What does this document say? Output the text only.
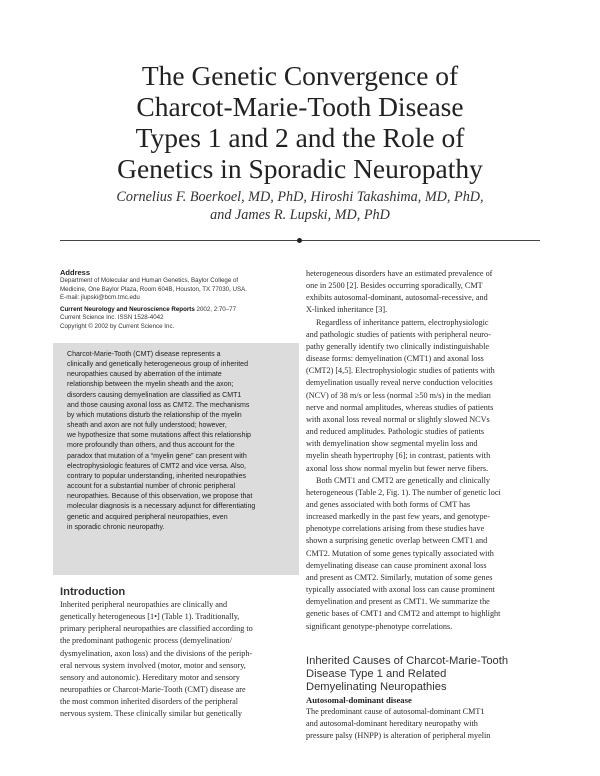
The Genetic Convergence of
Charcot-Marie-Tooth Disease
Types 1 and 2 and the Role of
Genetics in Sporadic Neuropathy
Cornelius F. Boerkoel, MD, PhD, Hiroshi Takashima, MD, PhD,
and James R. Lupski, MD, PhD
Address
Department of Molecular and Human Genetics, Baylor College of
Medicine, One Baylor Plaza, Room 604B, Houston, TX 77030, USA.
E-mail: jlupski@bcm.tmc.edu
Current Neurology and Neuroscience Reports 2002, 2:70–77
Current Science Inc. ISSN 1528-4042
Copyright © 2002 by Current Science Inc.
Charcot-Marie-Tooth (CMT) disease represents a
clinically and genetically heterogeneous group of inherited
neuropathies caused by aberration of the intimate
relationship between the myelin sheath and the axon;
disorders causing demyelination are classified as CMT1
and those causing axonal loss as CMT2. The mechanisms
by which mutations disturb the relationship of the myelin
sheath and axon are not fully understood; however,
we hypothesize that some mutations affect this relationship
more profoundly than others, and thus account for the
paradox that mutation of a “myelin gene” can present with
electrophysiologic features of CMT2 and vice versa. Also,
contrary to popular understanding, inherited neuropathies
account for a substantial number of chronic peripheral
neuropathies. Because of this observation, we propose that
molecular diagnosis is a necessary adjunct for differentiating
genetic and acquired peripheral neuropathies, even
in sporadic chronic neuropathy.
Introduction
Inherited peripheral neuropathies are clinically and
genetically heterogeneous [1•] (Table 1). Traditionally,
primary peripheral neuropathies are classified according to
the predominant pathogenic process (demyelination/
dysmyelination, axon loss) and the divisions of the periph-
eral nervous system involved (motor, motor and sensory,
sensory and autonomic). Hereditary motor and sensory
neuropathies or Charcot-Marie-Tooth (CMT) disease are
the most common inherited disorders of the peripheral
nervous system. These clinically similar but genetically
heterogeneous disorders have an estimated prevalence of
one in 2500 [2]. Besides occurring sporadically, CMT
exhibits autosomal-dominant, autosomal-recessive, and
X-linked inheritance [3].
Regardless of inheritance pattern, electrophysiologic
and pathologic studies of patients with peripheral neuro-
pathy generally identify two clinically indistinguishable
disease forms: demyelination (CMT1) and axonal loss
(CMT2) [4,5]. Electrophysiologic studies of patients with
demyelination usually reveal nerve conduction velocities
(NCV) of 38 m/s or less (normal ≥50 m/s) in the median
nerve and normal amplitudes, whereas studies of patients
with axonal loss reveal normal or slightly slowed NCVs
and reduced amplitudes. Pathologic studies of patients
with demyelination show segmental myelin loss and
myelin sheath hypertrophy [6]; in contrast, patients with
axonal loss show normal myelin but fewer nerve fibers.
Both CMT1 and CMT2 are genetically and clinically
heterogeneous (Table 2, Fig. 1). The number of genetic loci
and genes associated with both forms of CMT has
increased markedly in the past few years, and genotype-
phenotype correlations arising from these studies have
shown a surprising genetic overlap between CMT1 and
CMT2. Mutation of some genes typically associated with
demyelinating disease can cause prominent axonal loss
and present as CMT2. Similarly, mutation of some genes
typically associated with axonal loss can cause prominent
demyelination and present as CMT1. We summarize the
genetic bases of CMT1 and CMT2 and attempt to highlight
significant genotype-phenotype correlations.
Inherited Causes of Charcot-Marie-Tooth
Disease Type 1 and Related
Demyelinating Neuropathies
Autosomal-dominant disease
The predominant cause of autosomal-dominant CMT1
and autosomal-dominant hereditary neuropathy with
pressure palsy (HNPP) is alteration of peripheral myelin
